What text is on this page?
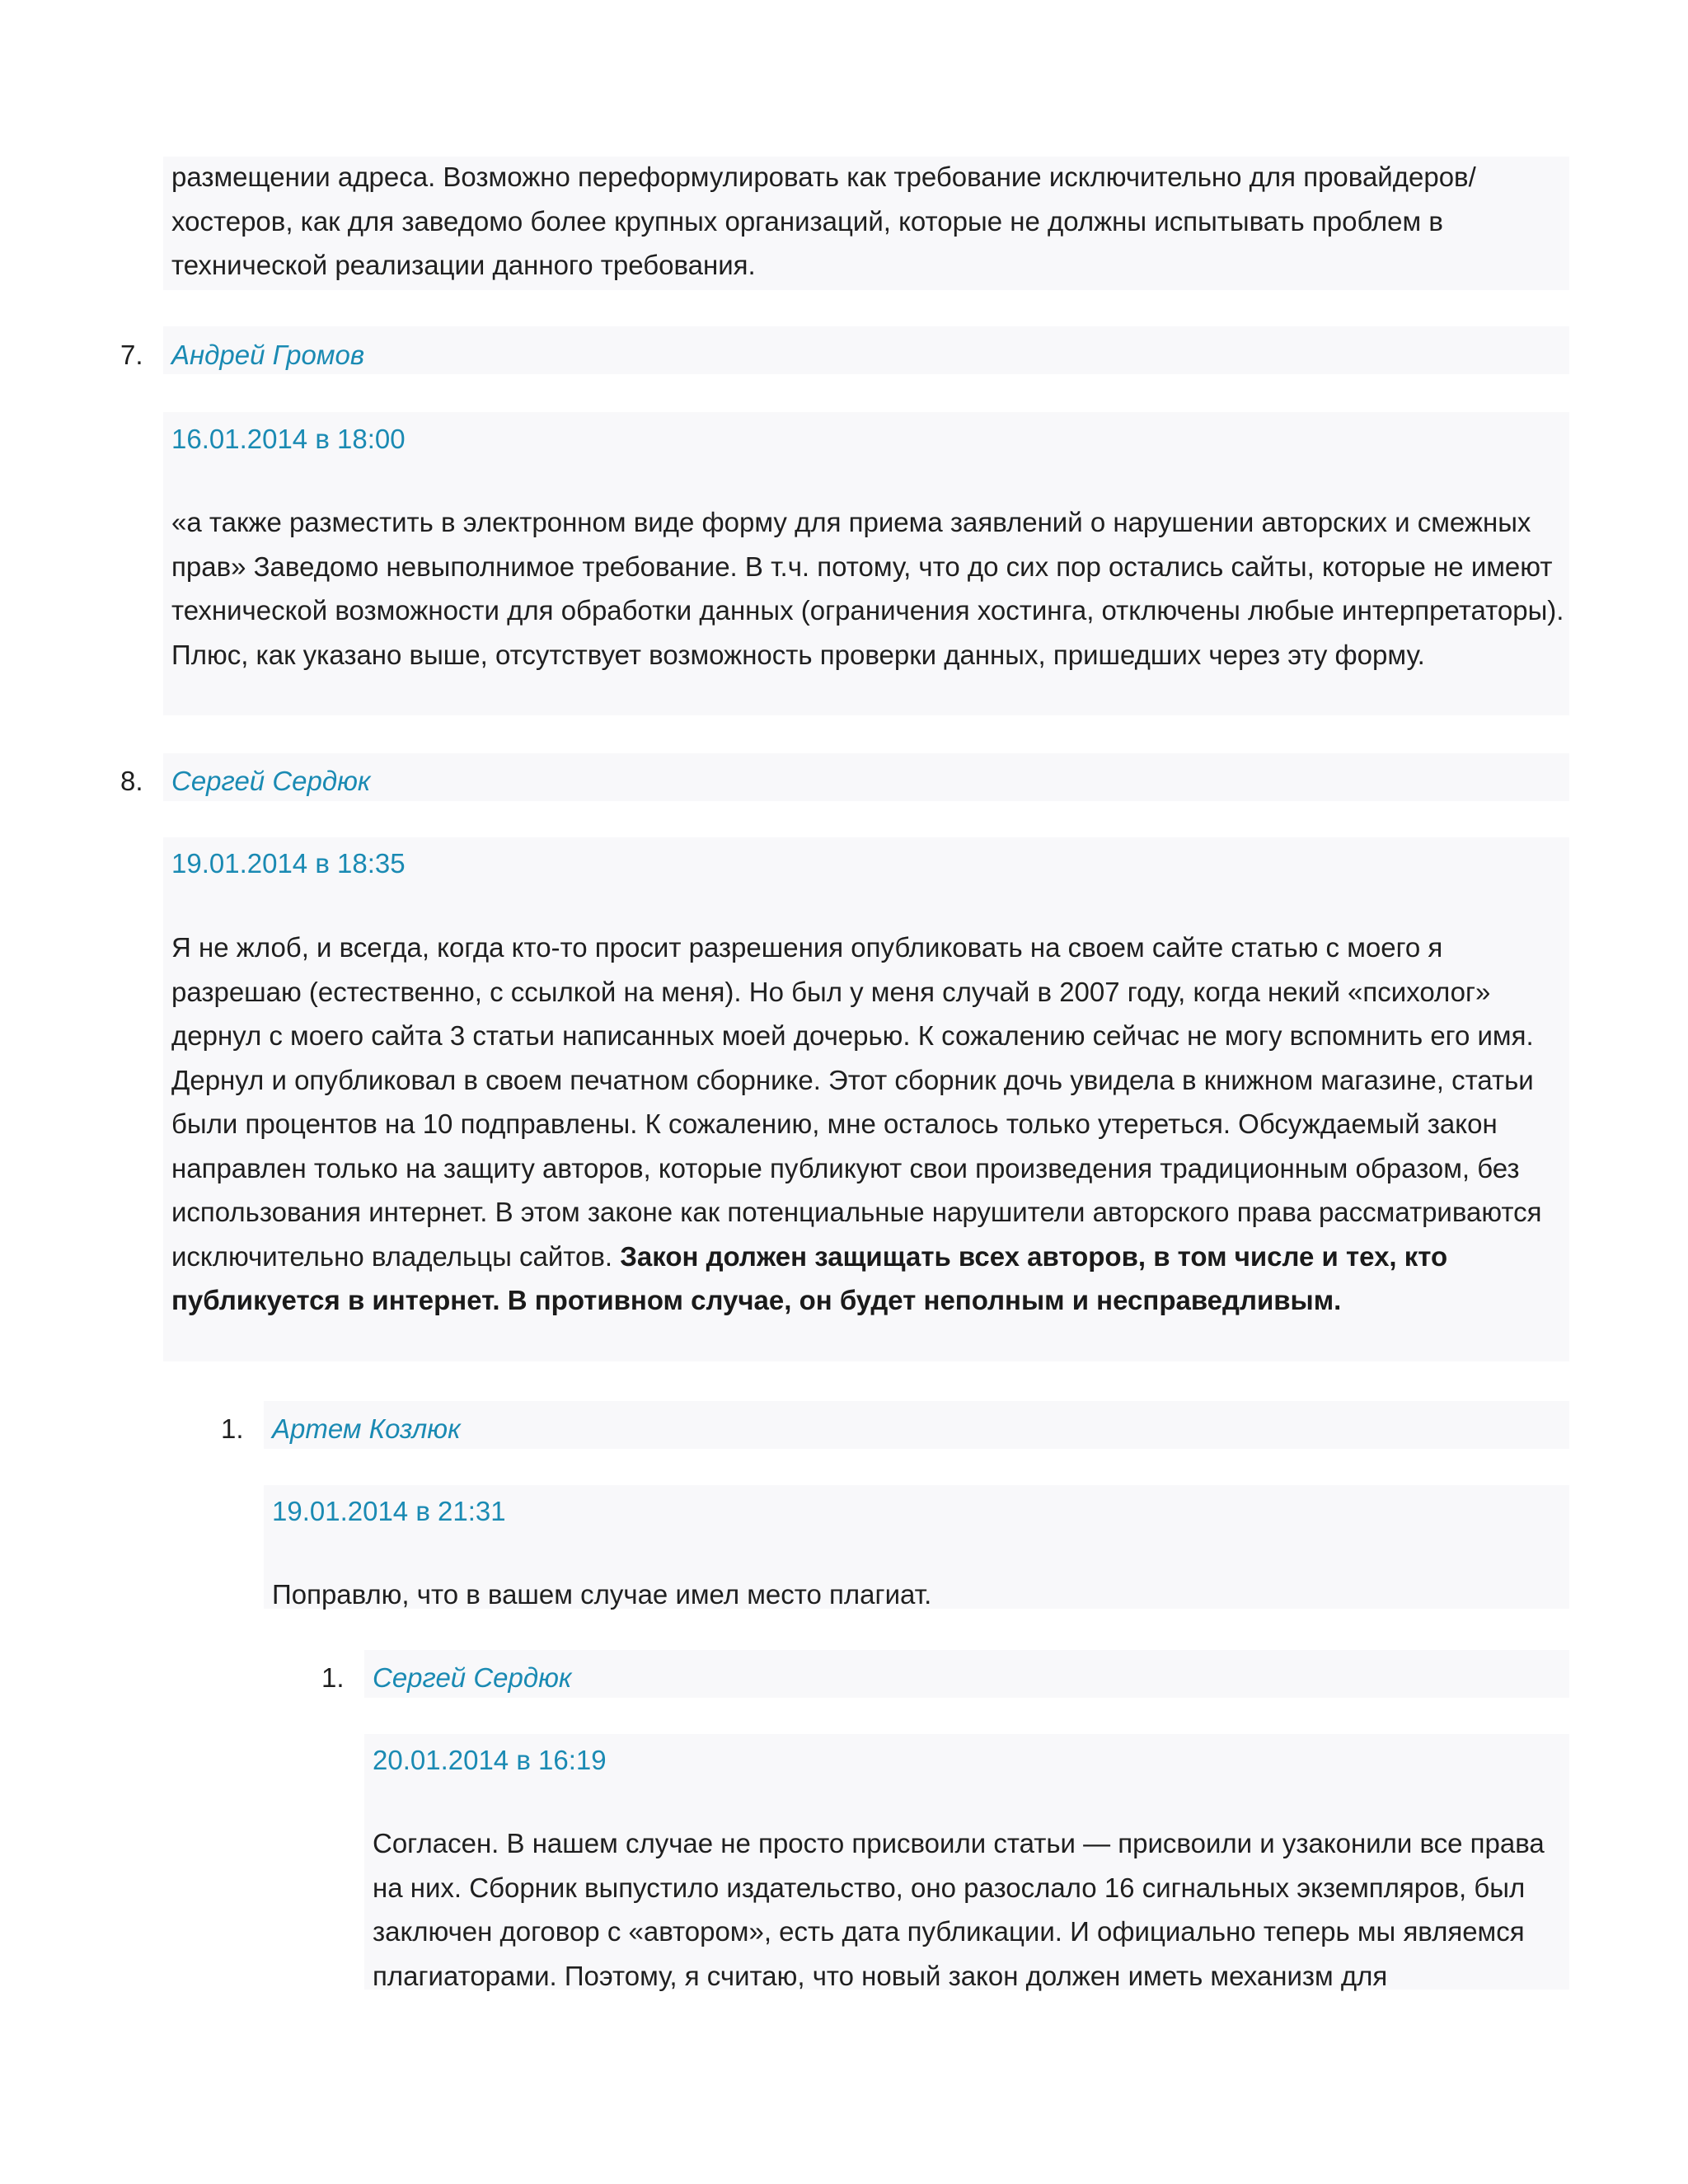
размещении адреса. Возможно переформулировать как требование исключительно для провайдеров/хостеров, как для заведомо более крупных организаций, которые не должны испытывать проблем в технической реализации данного требования.

7. Андрей Громов
16.01.2014 в 18:00

«а также разместить в электронном виде форму для приема заявлений о нарушении авторских и смежных прав» Заведомо невыполнимое требование. В т.ч. потому, что до сих пор остались сайты, которые не имеют технической возможности для обработки данных (ограничения хостинга, отключены любые интерпретаторы). Плюс, как указано выше, отсутствует возможность проверки данных, пришедших через эту форму.

8. Сергей Сердюк
19.01.2014 в 18:35

Я не жлоб, и всегда, когда кто-то просит разрешения опубликовать на своем сайте статью с моего я разрешаю (естественно, с ссылкой на меня). Но был у меня случай в 2007 году, когда некий «психолог» дернул с моего сайта 3 статьи написанных моей дочерью. К сожалению сейчас не могу вспомнить его имя. Дернул и опубликовал в своем печатном сборнике. Этот сборник дочь увидела в книжном магазине, статьи были процентов на 10 подправлены. К сожалению, мне осталось только утереться. Обсуждаемый закон направлен только на защиту авторов, которые публикуют свои произведения традиционным образом, без использования интернет. В этом законе как потенциальные нарушители авторского права рассматриваются исключительно владельцы сайтов. Закон должен защищать всех авторов, в том числе и тех, кто публикуется в интернет. В противном случае, он будет неполным и несправедливым.

1. Артем Козлюк
19.01.2014 в 21:31

Поправлю, что в вашем случае имел место плагиат.

1. Сергей Сердюк
20.01.2014 в 16:19

Согласен. В нашем случае не просто присвоили статьи — присвоили и узаконили все права на них. Сборник выпустило издательство, оно разослало 16 сигнальных экземпляров, был заключен договор с «автором», есть дата публикации. И официально теперь мы являемся плагиаторами. Поэтому, я считаю, что новый закон должен иметь механизм для
